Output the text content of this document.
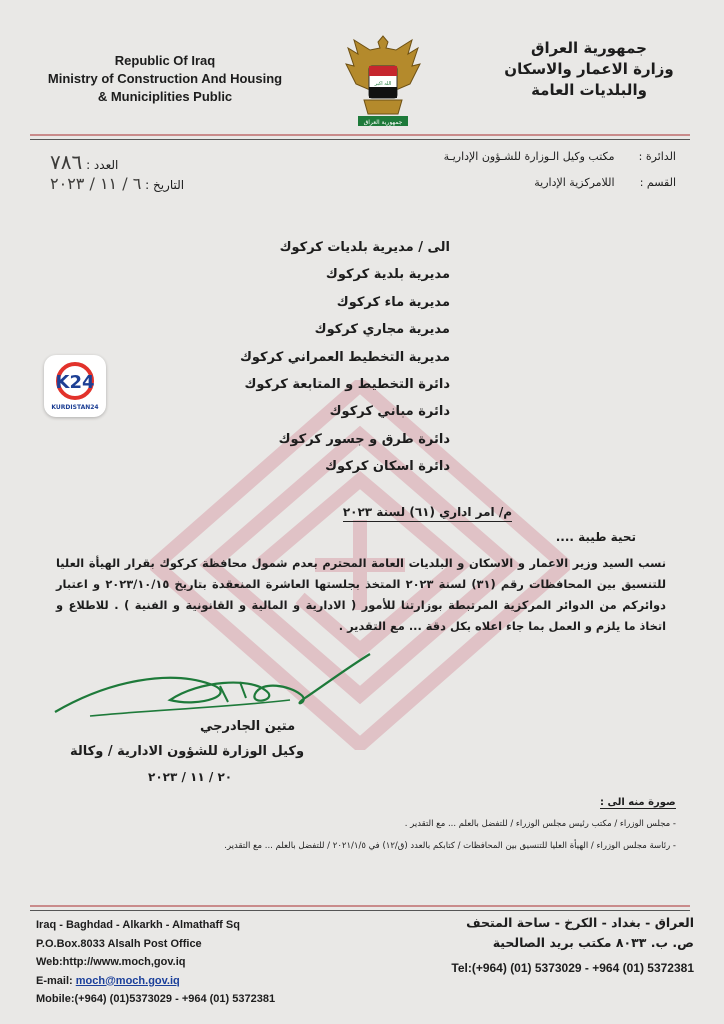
Republic Of Iraq
Ministry of Construction And Housing
& Municiplities Public
الله اكبر
جمهورية العراق
جمهورية العراق
وزارة الاعمار والاسكان
والبلديات العامة
الدائرة : مكتب وكيل الـوزارة للشـؤون الإداريـة
القسم : اللامركزية الإدارية
العدد : ٧٨٦
التاريخ : ٦ / ١١ / ٢٠٢٣
الى / مديرية بلديات كركوك
مديرية بلدية كركوك
مديرية ماء كركوك
مديرية مجاري كركوك
مديرية التخطيط العمراني كركوك
دائرة التخطيط و المتابعة كركوك
دائرة مباني كركوك
دائرة طرق و جسور كركوك
دائرة اسكان كركوك
K24
KURDISTAN24
م/ امر اداري (٦١) لسنة ٢٠٢٣
تحية طيبة ....
نسب السيد وزير الاعمار و الاسكان و البلديات العامة المحترم بعدم شمول محافظة كركوك بقرار الهيأة العليا للتنسيق بين المحافظات رقم (٣١) لسنة ٢٠٢٣ المتخذ بجلستها العاشرة المنعقدة بتاريخ ٢٠٢٣/١٠/١٥ و اعتبار دوائركم من الدوائر المركزية المرتبطة بوزارتنا للأمور ( الادارية و المالية و القانونية و الفنية ) . للاطلاع و اتخاذ ما يلزم و العمل بما جاء اعلاه بكل دقة ... مع التقدير .
متين الجادرجي
وكيل الوزارة للشؤون الادارية / وكالة
٢٠ / ١١ / ٢٠٢٣
صورة منه الى :
- مجلس الوزراء / مكتب رئيس مجلس الوزراء / للتفضل بالعلم ... مع التقدير .
- رئاسة مجلس الوزراء / الهيأة العليا للتنسيق بين المحافظات / كتابكم بالعدد (ق/١٢) في ٢٠٢١/١/٥ / للتفضل بالعلم ... مع التقدير.
Iraq - Baghdad - Alkarkh - Almathaff Sq
P.O.Box.8033 Alsalh Post Office
Web:http://www.moch,gov.iq
E-mail: moch@moch.gov.iq
Mobile:(+964) (01)5373029 - +964 (01) 5372381
العراق - بغداد - الكرخ - ساحة المتحف
ص. ب. ٨٠٣٣ مكتب بريد الصالحية
Tel:(+964) (01) 5373029 - +964 (01) 5372381
